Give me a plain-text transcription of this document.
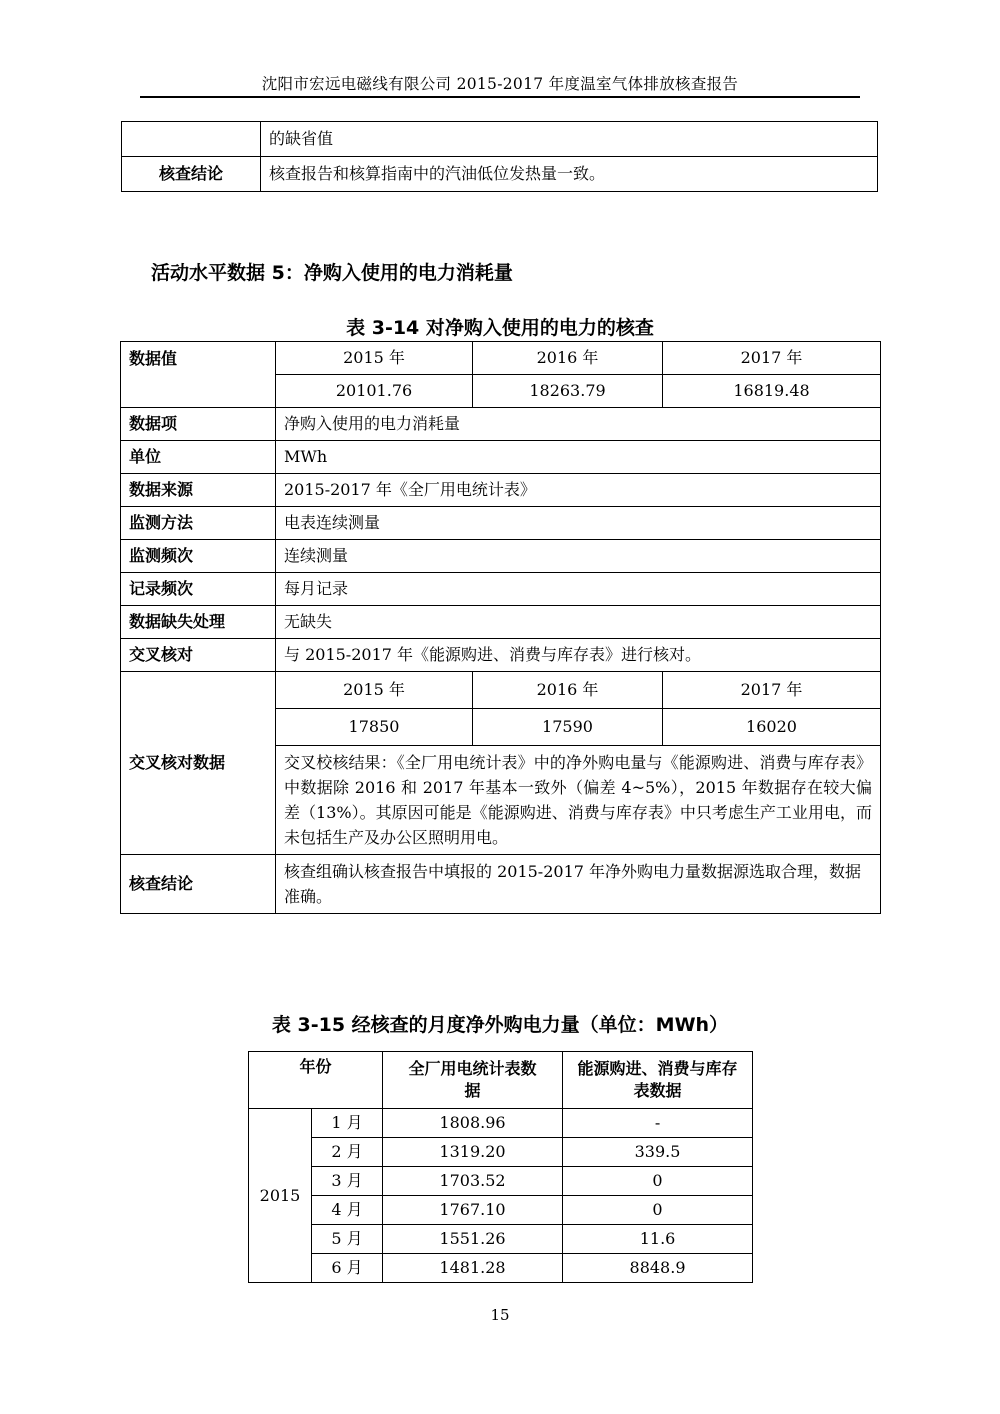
沈阳市宏远电磁线有限公司 2015-2017 年度温室气体排放核查报告
	的缺省值
核查结论	核查报告和核算指南中的汽油低位发热量一致。
活动水平数据 5：净购入使用的电力消耗量
表 3-14 对净购入使用的电力的核查
数据值	2015 年	2016 年	2017 年
	20101.76	18263.79	16819.48
数据项	净购入使用的电力消耗量		
单位	MWh		
数据来源	2015-2017 年《全厂用电统计表》		
监测方法	电表连续测量		
监测频次	连续测量		
记录频次	每月记录		
数据缺失处理	无缺失		
交叉核对	与 2015-2017 年《能源购进、消费与库存表》进行核对。		
交叉核对数据	2015 年	2016 年	2017 年
	17850	17590	16020
	交叉校核结果：《全厂用电统计表》中的净外购电量与《能源购进、消费与库存表》中数据除 2016 和 2017 年基本一致外（偏差 4~5%），2015 年数据存在较大偏差（13%）。其原因可能是《能源购进、消费与库存表》中只考虑生产工业用电，而未包括生产及办公区照明用电。		
核查结论	核查组确认核查报告中填报的 2015-2017 年净外购电力量数据源选取合理，数据准确。		
表 3-15 经核查的月度净外购电力量（单位：MWh）
年份		全厂用电统计表数据	能源购进、消费与库存表数据
2015	1 月	1808.96	-
	2 月	1319.20	339.5
	3 月	1703.52	0
	4 月	1767.10	0
	5 月	1551.26	11.6
	6 月	1481.28	8848.9
15
